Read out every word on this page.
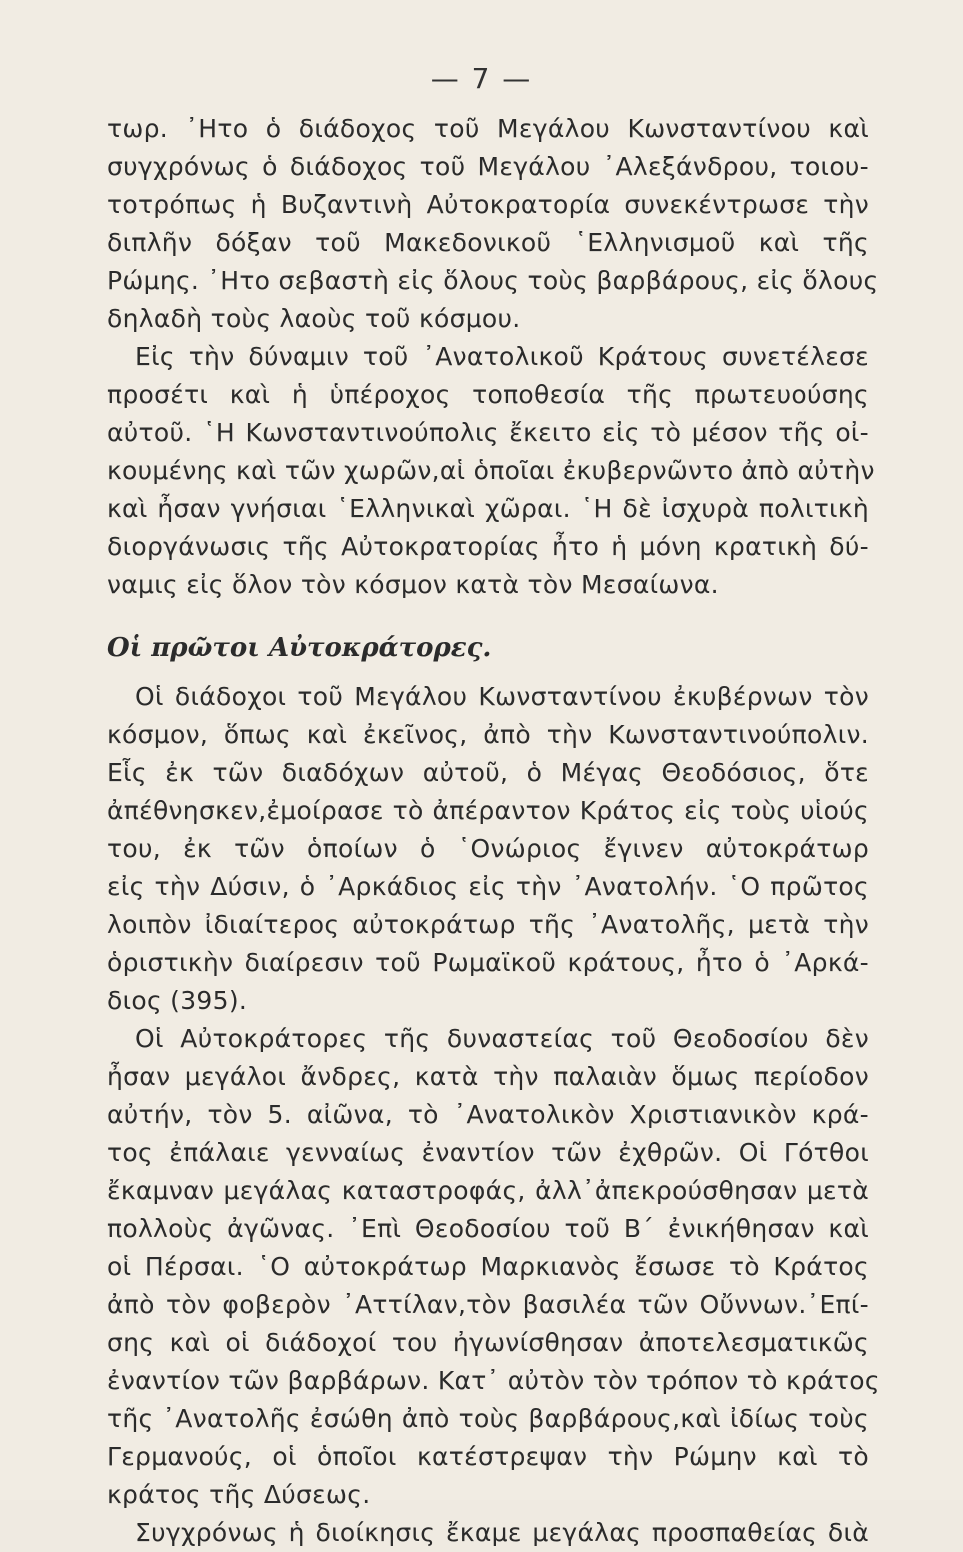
— 7 —
τωρ. ᾿Ητο ὁ διάδοχος τοῦ Μεγάλου Κωνσταντίνου καὶ
συγχρόνως ὁ διάδοχος τοῦ Μεγάλου ᾿Αλεξάνδρου, τοιου-
τοτρόπως ἡ Βυζαντινὴ Αὐτοκρατορία συνεκέντρωσε τὴν
διπλῆν δόξαν τοῦ Μακεδονικοῦ ῾Ελληνισμοῦ καὶ τῆς
Ρώμης. ᾿Ητο σεβαστὴ εἰς ὅλους τοὺς βαρβάρους, εἰς ὅλους
δηλαδὴ τοὺς λαοὺς τοῦ κόσμου.
Εἰς τὴν δύναμιν τοῦ ᾿Ανατολικοῦ Κράτους συνετέλεσε
προσέτι καὶ ἡ ὑπέροχος τοποθεσία τῆς πρωτευούσης
αὐτοῦ. ῾Η Κωνσταντινούπολις ἔκειτο εἰς τὸ μέσον τῆς οἰ-
κουμένης καὶ τῶν χωρῶν,αἱ ὁποῖαι ἐκυβερνῶντο ἀπὸ αὐτὴν
καὶ ἦσαν γνήσιαι ῾Ελληνικαὶ χῶραι. ῾Η δὲ ἰσχυρὰ πολιτικὴ
διοργάνωσις τῆς Αὐτοκρατορίας ἦτο ἡ μόνη κρατικὴ δύ-
ναμις εἰς ὅλον τὸν κόσμον κατὰ τὸν Μεσαίωνα.
Οἱ πρῶτοι Αὐτοκράτορες.
Οἱ διάδοχοι τοῦ Μεγάλου Κωνσταντίνου ἐκυβέρνων τὸν
κόσμον, ὅπως καὶ ἐκεῖνος, ἀπὸ τὴν Κωνσταντινούπολιν.
Εἷς ἐκ τῶν διαδόχων αὐτοῦ, ὁ Μέγας Θεοδόσιος, ὅτε
ἀπέθνησκεν,ἐμοίρασε τὸ ἀπέραντον Κράτος εἰς τοὺς υἱούς
του, ἐκ τῶν ὁποίων ὁ ῾Ονώριος ἔγινεν αὐτοκράτωρ
εἰς τὴν Δύσιν, ὁ ᾿Αρκάδιος εἰς τὴν ᾿Ανατολήν. ῾Ο πρῶτος
λοιπὸν ἰδιαίτερος αὐτοκράτωρ τῆς ᾿Ανατολῆς, μετὰ τὴν
ὁριστικὴν διαίρεσιν τοῦ Ρωμαϊκοῦ κράτους, ἦτο ὁ ᾿Αρκά-
διος (395).
Οἱ Αὐτοκράτορες τῆς δυναστείας τοῦ Θεοδοσίου δὲν
ἦσαν μεγάλοι ἄνδρες, κατὰ τὴν παλαιὰν ὅμως περίοδον
αὐτήν, τὸν 5. αἰῶνα, τὸ ᾿Ανατολικὸν Χριστιανικὸν κρά-
τος ἐπάλαιε γενναίως ἐναντίον τῶν ἐχθρῶν. Οἱ Γότθοι
ἔκαμναν μεγάλας καταστροφάς, ἀλλ᾿ἀπεκρούσθησαν μετὰ
πολλοὺς ἀγῶνας. ᾿Επὶ Θεοδοσίου τοῦ Β΄ ἐνικήθησαν καὶ
οἱ Πέρσαι. ῾Ο αὐτοκράτωρ Μαρκιανὸς ἔσωσε τὸ Κράτος
ἀπὸ τὸν φοβερὸν ᾿Αττίλαν,τὸν βασιλέα τῶν Οὔννων.᾿Επί-
σης καὶ οἱ διάδοχοί του ἠγωνίσθησαν ἀποτελεσματικῶς
ἐναντίον τῶν βαρβάρων. Κατ᾿ αὐτὸν τὸν τρόπον τὸ κράτος
τῆς ᾿Ανατολῆς ἐσώθη ἀπὸ τοὺς βαρβάρους,καὶ ἰδίως τοὺς
Γερμανούς, οἱ ὁποῖοι κατέστρεψαν τὴν Ρώμην καὶ τὸ
κράτος τῆς Δύσεως.
Συγχρόνως ἡ διοίκησις ἔκαμε μεγάλας προσπαθείας διὰ
